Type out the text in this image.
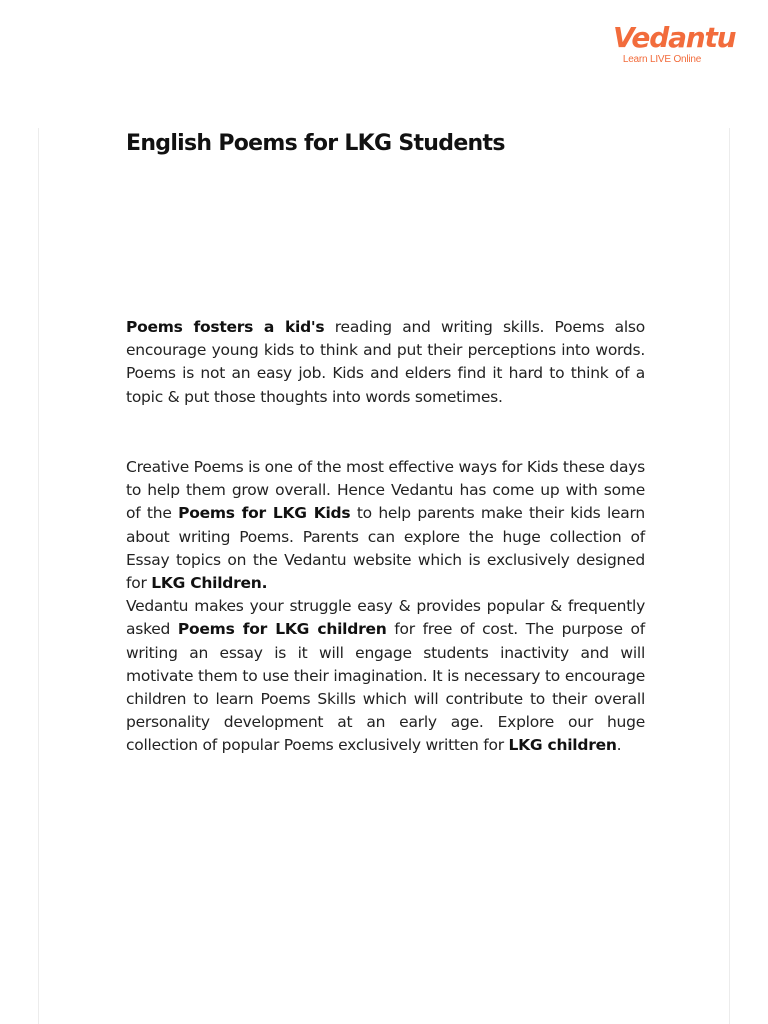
Vedantu
Learn LIVE Online
English Poems for LKG Students

Poems fosters a kid's reading and writing skills. Poems also encourage young kids to think and put their perceptions into words. Poems is not an easy job. Kids and elders find it hard to think of a topic & put those thoughts into words sometimes.

Creative Poems is one of the most effective ways for Kids these days to help them grow overall. Hence Vedantu has come up with some of the Poems for LKG Kids to help parents make their kids learn about writing Poems. Parents can explore the huge collection of Essay topics on the Vedantu website which is exclusively designed for LKG Children.
Vedantu makes your struggle easy & provides popular & frequently asked Poems for LKG children for free of cost. The purpose of writing an essay is it will engage students inactivity and will motivate them to use their imagination. It is necessary to encourage children to learn Poems Skills which will contribute to their overall personality development at an early age. Explore our huge collection of popular Poems exclusively written for LKG children.
